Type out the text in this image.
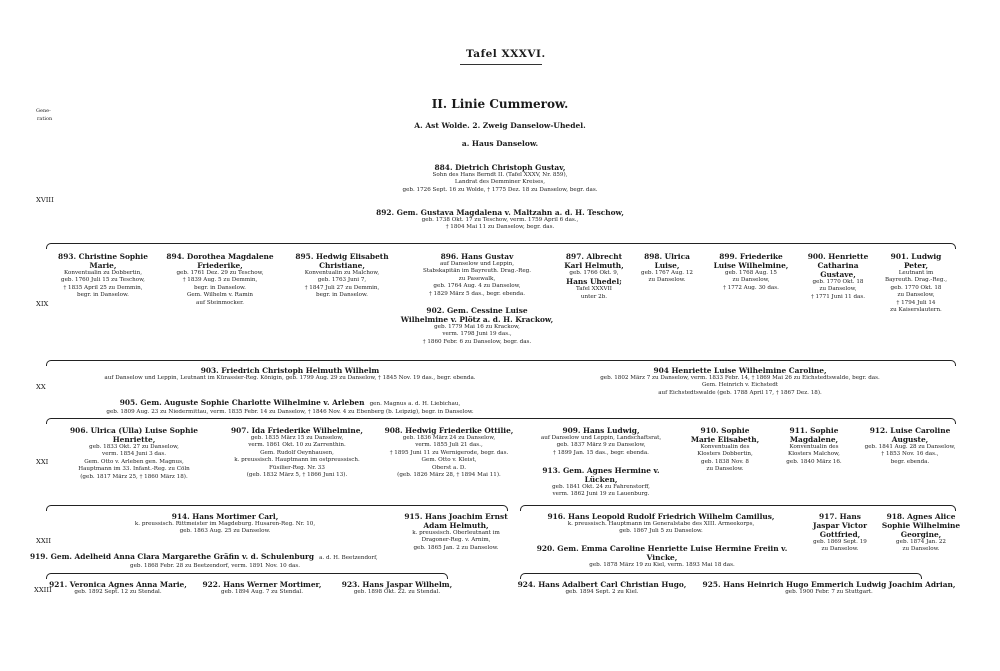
Tafel XXXVI.
Gene-
ration
II. Linie Cummerow.
A. Ast Wolde. 2. Zweig Danselow-Uhedel.
a. Haus Danselow.
XVIII
XIX
XX
XXI
XXII
XXIII
884. Dietrich Christoph Gustav,
Sohn des Hans Berndt II. (Tafel XXXV, Nr. 859),
Landrat des Demminer Kreises,
geb. 1726 Sept. 16 zu Wolde, † 1775 Dez. 18 zu Danselow, begr. das.
892. Gem. Gustava Magdalena v. Maltzahn a. d. H. Teschow,
geb. 1738 Okt. 17 zu Teschow, verm. 1759 April 6 das.,
† 1804 Mai 11 zu Danselow, begr. das.
893. Christine Sophie
Marie,
Konventualin zu Dobbertin,
geb. 1760 Juli 15 zu Teschow,
† 1835 April 25 zu Demmin,
begr. in Danselow.
894. Dorothea Magdalene
Friederike,
geb. 1761 Dez. 29 zu Teschow,
† 1839 Aug. 5 zu Demmin,
begr. in Danselow.
Gem. Wilhelm v. Ramin
auf Steinmocker.
895. Hedwig Elisabeth
Christiane,
Konventualin zu Malchow,
geb. 1763 Juni 7,
† 1847 Juli 27 zu Demmin,
begr. in Danselow.
896. Hans Gustav
auf Danselow und Leppin,
Stabskapitän im Bayreuth. Drag.-Reg.
zu Pasewalk,
geb. 1764 Aug. 4 zu Danselow,
† 1829 März 5 das., begr. ebenda.
902. Gem. Cessine Luise
Wilhelmine v. Plötz a. d. H. Krackow,
geb. 1779 Mai 16 zu Krackow,
verm. 1798 Juni 19 das.,
† 1860 Febr. 6 zu Danselow, begr. das.
897. Albrecht
Karl Helmuth,
geb. 1766 Okt. 9,
Hans Uhedel;
Tafel XXXVII
unter 2b.
898. Ulrica
Luise,
geb. 1767 Aug. 12
zu Danselow.
899. Friederike
Luise Wilhelmine,
geb. 1768 Aug. 15
zu Danselow,
† 1772 Aug. 30 das.
900. Henriette
Catharina Gustave,
geb. 1770 Okt. 18
zu Danselow,
† 1771 Juni 11 das.
901. Ludwig Peter,
Leutnant im
Bayreuth. Drag.-Reg.,
geb. 1770 Okt. 18
zu Danselow,
† 1794 Juli 14
zu Kaiserslautern.
903. Friedrich Christoph Helmuth Wilhelm
auf Danselow und Leppin, Leutnant im Kürassier-Reg. Königin, geb. 1799 Aug. 29 zu Danselow, † 1845 Nov. 19 das., begr. ebenda.
905. Gem. Auguste Sophie Charlotte Wilhelmine v. Arleben gen. Magnus a. d. H. Liebichau,
geb. 1809 Aug. 23 zu Niedermittau, verm. 1835 Febr. 14 zu Danselow, † 1846 Nov. 4 zu Ebenberg (b. Leipzig), begr. in Danselow.
904 Henriette Luise Wilhelmine Caroline,
geb. 1802 März 7 zu Danselow, verm. 1833 Febr. 14, † 1869 Mai 26 zu Eichstedtswalde, begr. das.
Gem. Heinrich v. Eichstedt
auf Eichstedtswalde (geb. 1788 April 17, † 1867 Dez. 18).
906. Ulrica (Ulla) Luise Sophie Henriette,
geb. 1833 Okt. 27 zu Danselow,
verm. 1854 Juni 3 das.
Gem. Otto v. Arleben gen. Magnus,
Hauptmann im 33. Infant.-Reg. zu Cöln
(geb. 1817 März 25, † 1860 März 18).
907. Ida Friederike Wilhelmine,
geb. 1835 März 15 zu Danselow,
verm. 1861 Okt. 10 zu Zarrenthin.
Gem. Rudolf Oeynhausen,
k. preussisch. Hauptmann im ostpreussisch.
Füsilier-Reg. Nr. 33
(geb. 1832 März 5, † 1866 Juni 13).
908. Hedwig Friederike Ottilie,
geb. 1836 März 24 zu Danselow,
verm. 1855 Juli 21 das.,
† 1895 Juni 11 zu Wernigerode, begr. das.
Gem. Otto v. Kleist,
Oberst a. D.
(geb. 1826 März 28, † 1894 Mai 11).
909. Hans Ludwig,
auf Danselow und Leppin, Landschaftsrat,
geb. 1837 März 9 zu Danselow,
† 1899 Jan. 15 das., begr. ebenda.
913. Gem. Agnes Hermine v. Lücken,
geb. 1841 Okt. 24 zu Fahrenstorff,
verm. 1862 Juni 19 zu Lauenburg.
910. Sophie
Marie Elisabeth,
Konventualin des
Klosters Dobbertin,
geb. 1838 Nov. 8
zu Danselow.
911. Sophie
Magdalene,
Konventualin des
Klosters Malchow,
geb. 1840 März 16.
912. Luise Caroline
Auguste,
geb. 1841 Aug. 28 zu Danselow,
† 1853 Nov. 16 das.,
begr. ebenda.
914. Hans Mortimer Carl,
k. preussisch. Rittmeister im Magdeburg. Husaren-Reg. Nr. 10,
geb. 1863 Aug. 25 zu Danselow.
919. Gem. Adelheid Anna Clara Margarethe Gräfin v. d. Schulenburg a. d. H. Beetzendorf,
geb. 1868 Febr. 28 zu Beetzendorf, verm. 1891 Nov. 10 das.
915. Hans Joachim Ernst
Adam Helmuth,
k. preussisch. Oberleutnant im
Dragoner-Reg. v. Arnim,
geb. 1865 Jan. 2 zu Danselow.
916. Hans Leopold Rudolf Friedrich Wilhelm Camillus,
k. preussisch. Hauptmann im Generalstabe des XIII. Armeekorps,
geb. 1867 Juli 5 zu Danselow.
920. Gem. Emma Caroline Henriette Luise Hermine Freiin v. Vincke,
geb. 1878 März 19 zu Kiel, verm. 1893 Mai 18 das.
917. Hans
Jaspar Victor
Gottfried,
geb. 1869 Sept. 19
zu Danselow.
918. Agnes Alice
Sophie Wilhelmine
Georgine,
geb. 1874 Jan. 22
zu Danselow.
921. Veronica Agnes Anna Marie,
geb. 1892 Sept. 12 zu Stendal.
922. Hans Werner Mortimer,
geb. 1894 Aug. 7 zu Stendal.
923. Hans Jaspar Wilhelm,
geb. 1898 Okt. 22. zu Stendal.
924. Hans Adalbert Carl Christian Hugo,
geb. 1894 Sept. 2 zu Kiel.
925. Hans Heinrich Hugo Emmerich Ludwig Joachim Adrian,
geb. 1900 Febr. 7 zu Stuttgart.
